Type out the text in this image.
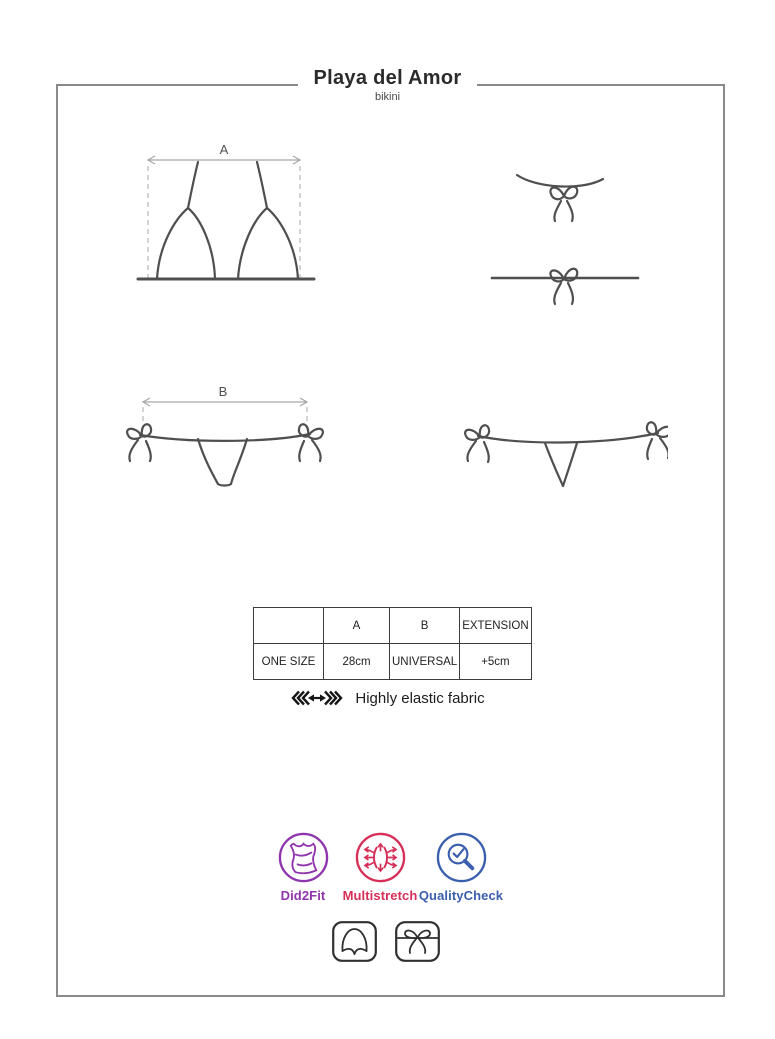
Playa del Amor
bikini
A
B
	A	B	EXTENSION
ONE SIZE	28cm	UNIVERSAL	+5cm
Highly elastic fabric
Did2Fit Multistretch QualityCheck
